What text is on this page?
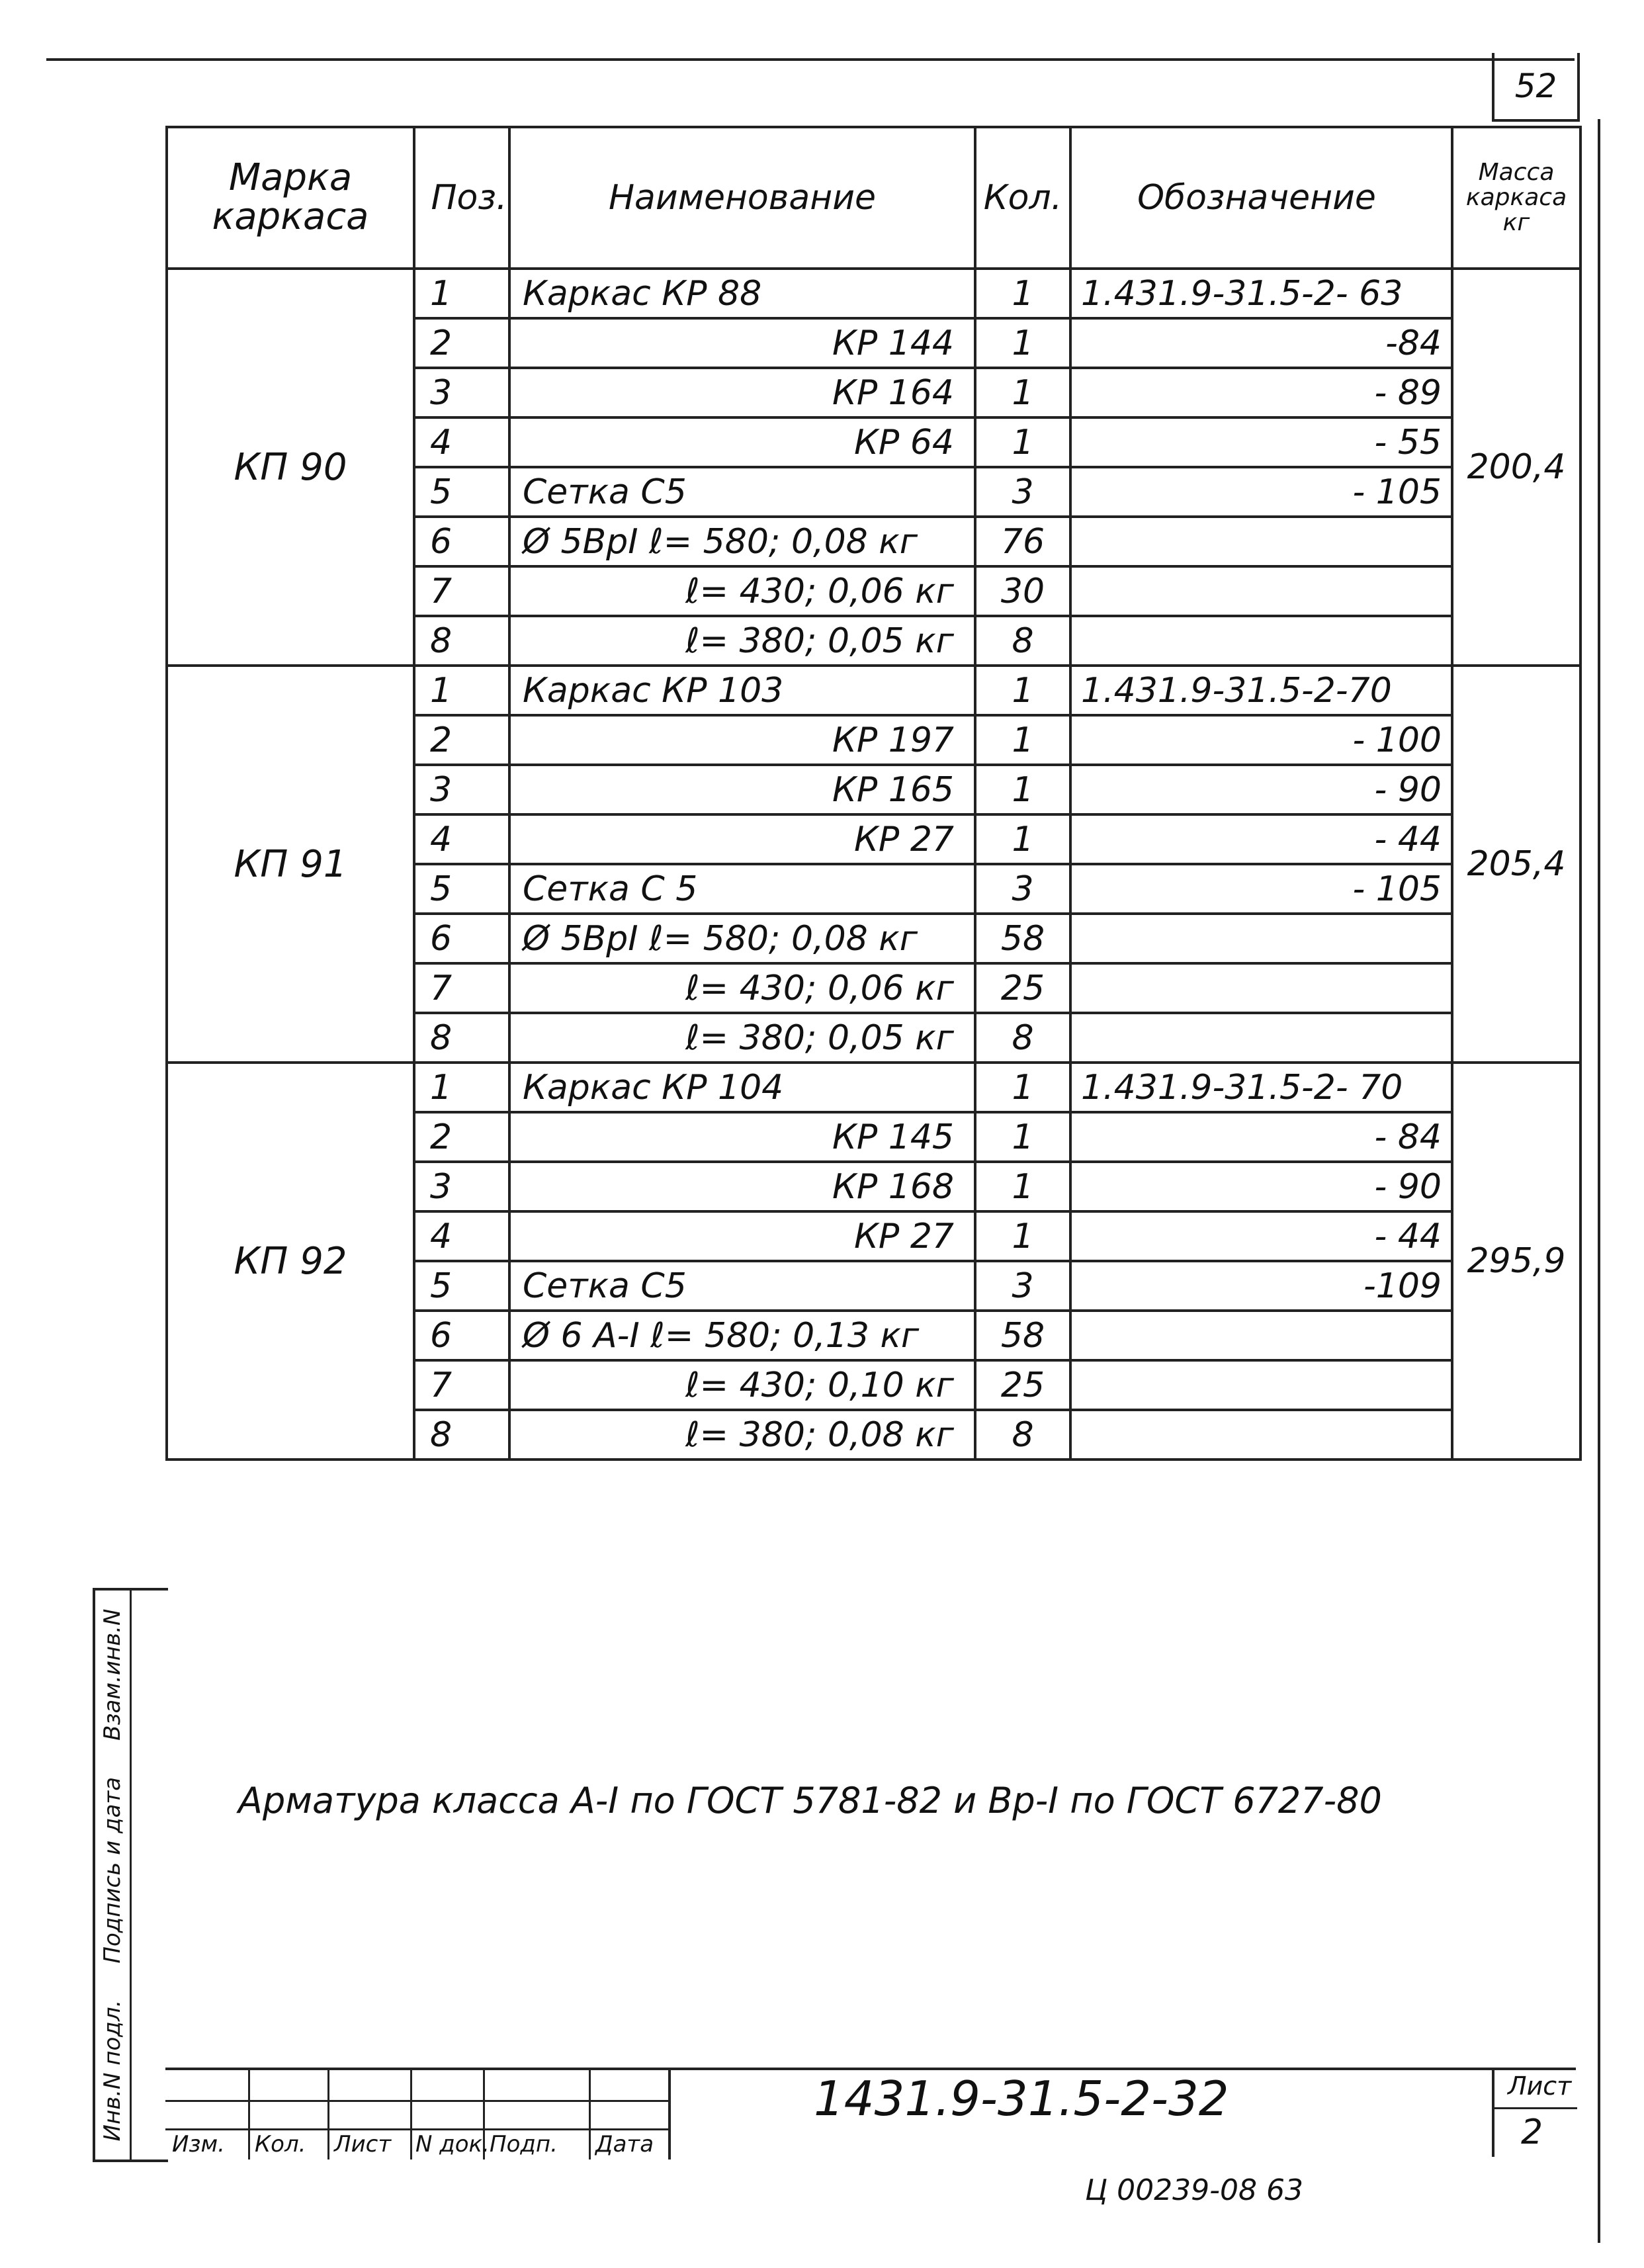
52
Марка каркаса	Поз.	Наименование	Кол.	Обозначение	Масса каркаса кг
КП 90	1	Каркас КР 88	1	1.431.9-31.5-2- 63	200,4
	2	КР 144	1	-84	
	3	КР 164	1	- 89	
	4	КР 64	1	- 55	
	5	Сетка С5	3	- 105	
	6	Ø 5ВрI ℓ= 580; 0,08 кг	76		
	7	ℓ= 430; 0,06 кг	30		
	8	ℓ= 380; 0,05 кг	8		
КП 91	1	Каркас КР 103	1	1.431.9-31.5-2-70	205,4
	2	КР 197	1	- 100	
	3	КР 165	1	- 90	
	4	КР 27	1	- 44	
	5	Сетка С 5	3	- 105	
	6	Ø 5ВрI ℓ= 580; 0,08 кг	58		
	7	ℓ= 430; 0,06 кг	25		
	8	ℓ= 380; 0,05 кг	8		
КП 92	1	Каркас КР 104	1	1.431.9-31.5-2- 70	295,9
	2	КР 145	1	- 84	
	3	КР 168	1	- 90	
	4	КР 27	1	- 44	
	5	Сетка С5	3	-109	
	6	Ø 6 А-I ℓ= 580; 0,13 кг	58		
	7	ℓ= 430; 0,10 кг	25		
	8	ℓ= 380; 0,08 кг	8		
Инв.N подл.
Подпись и дата
Взам.инв.N
Арматура класса А-I по ГОСТ 5781-82 и Вр-I по ГОСТ 6727-80
Изм. Кол. Лист N док. Подп. Дата
1431.9-31.5-2-32	Лист
2
Ц 00239-08 63
